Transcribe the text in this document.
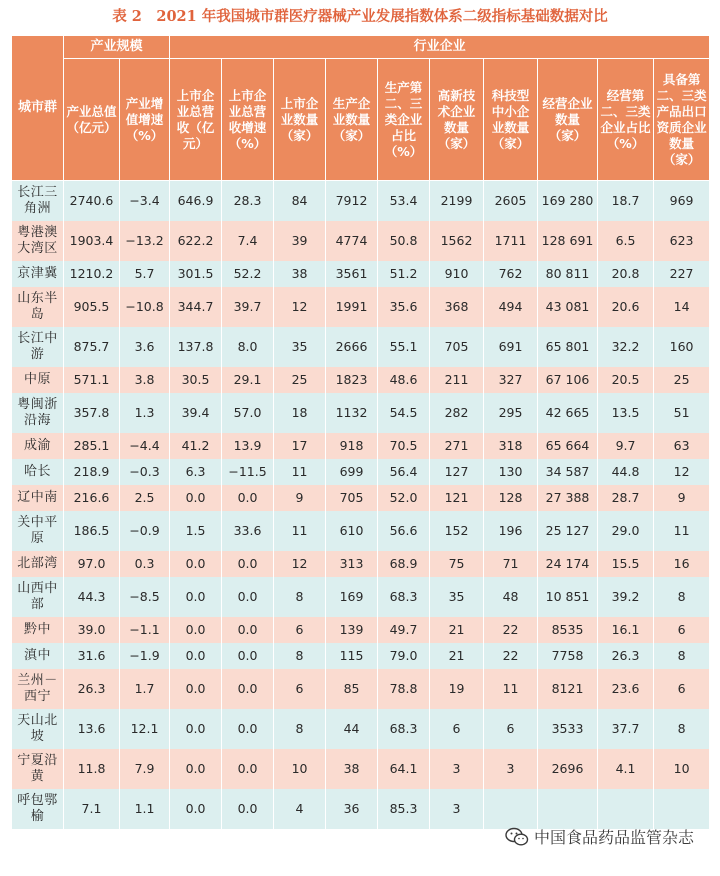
表 2　2021 年我国城市群医疗器械产业发展指数体系二级指标基础数据对比
城市群	产业规模		行业企业									
	产业总值（亿元）	产业增值增速（%）	上市企业总营收（亿元）	上市企业总营收增速（%）	上市企业数量（家）	生产企业数量（家）	生产第二、三类企业占比（%）	高新技术企业数量（家）	科技型中小企业数量（家）	经营企业数量（家）	经营第二、三类企业占比（%）	具备第二、三类产品出口资质企业数量（家）
长江三角洲	2740.6	−3.4	646.9	28.3	84	7912	53.4	2199	2605	169 280	18.7	969
粤港澳大湾区	1903.4	−13.2	622.2	7.4	39	4774	50.8	1562	1711	128 691	6.5	623
京津冀	1210.2	5.7	301.5	52.2	38	3561	51.2	910	762	80 811	20.8	227
山东半岛	905.5	−10.8	344.7	39.7	12	1991	35.6	368	494	43 081	20.6	14
长江中游	875.7	3.6	137.8	8.0	35	2666	55.1	705	691	65 801	32.2	160
中原	571.1	3.8	30.5	29.1	25	1823	48.6	211	327	67 106	20.5	25
粤闽浙沿海	357.8	1.3	39.4	57.0	18	1132	54.5	282	295	42 665	13.5	51
成渝	285.1	−4.4	41.2	13.9	17	918	70.5	271	318	65 664	9.7	63
哈长	218.9	−0.3	6.3	−11.5	11	699	56.4	127	130	34 587	44.8	12
辽中南	216.6	2.5	0.0	0.0	9	705	52.0	121	128	27 388	28.7	9
关中平原	186.5	−0.9	1.5	33.6	11	610	56.6	152	196	25 127	29.0	11
北部湾	97.0	0.3	0.0	0.0	12	313	68.9	75	71	24 174	15.5	16
山西中部	44.3	−8.5	0.0	0.0	8	169	68.3	35	48	10 851	39.2	8
黔中	39.0	−1.1	0.0	0.0	6	139	49.7	21	22	8535	16.1	6
滇中	31.6	−1.9	0.0	0.0	8	115	79.0	21	22	7758	26.3	8
兰州－西宁	26.3	1.7	0.0	0.0	6	85	78.8	19	11	8121	23.6	6
天山北坡	13.6	12.1	0.0	0.0	8	44	68.3	6	6	3533	37.7	8
宁夏沿黄	11.8	7.9	0.0	0.0	10	38	64.1	3	3	2696	4.1	10
呼包鄂榆	7.1	1.1	0.0	0.0	4	36	85.3	3				
中国食品药品监管杂志
